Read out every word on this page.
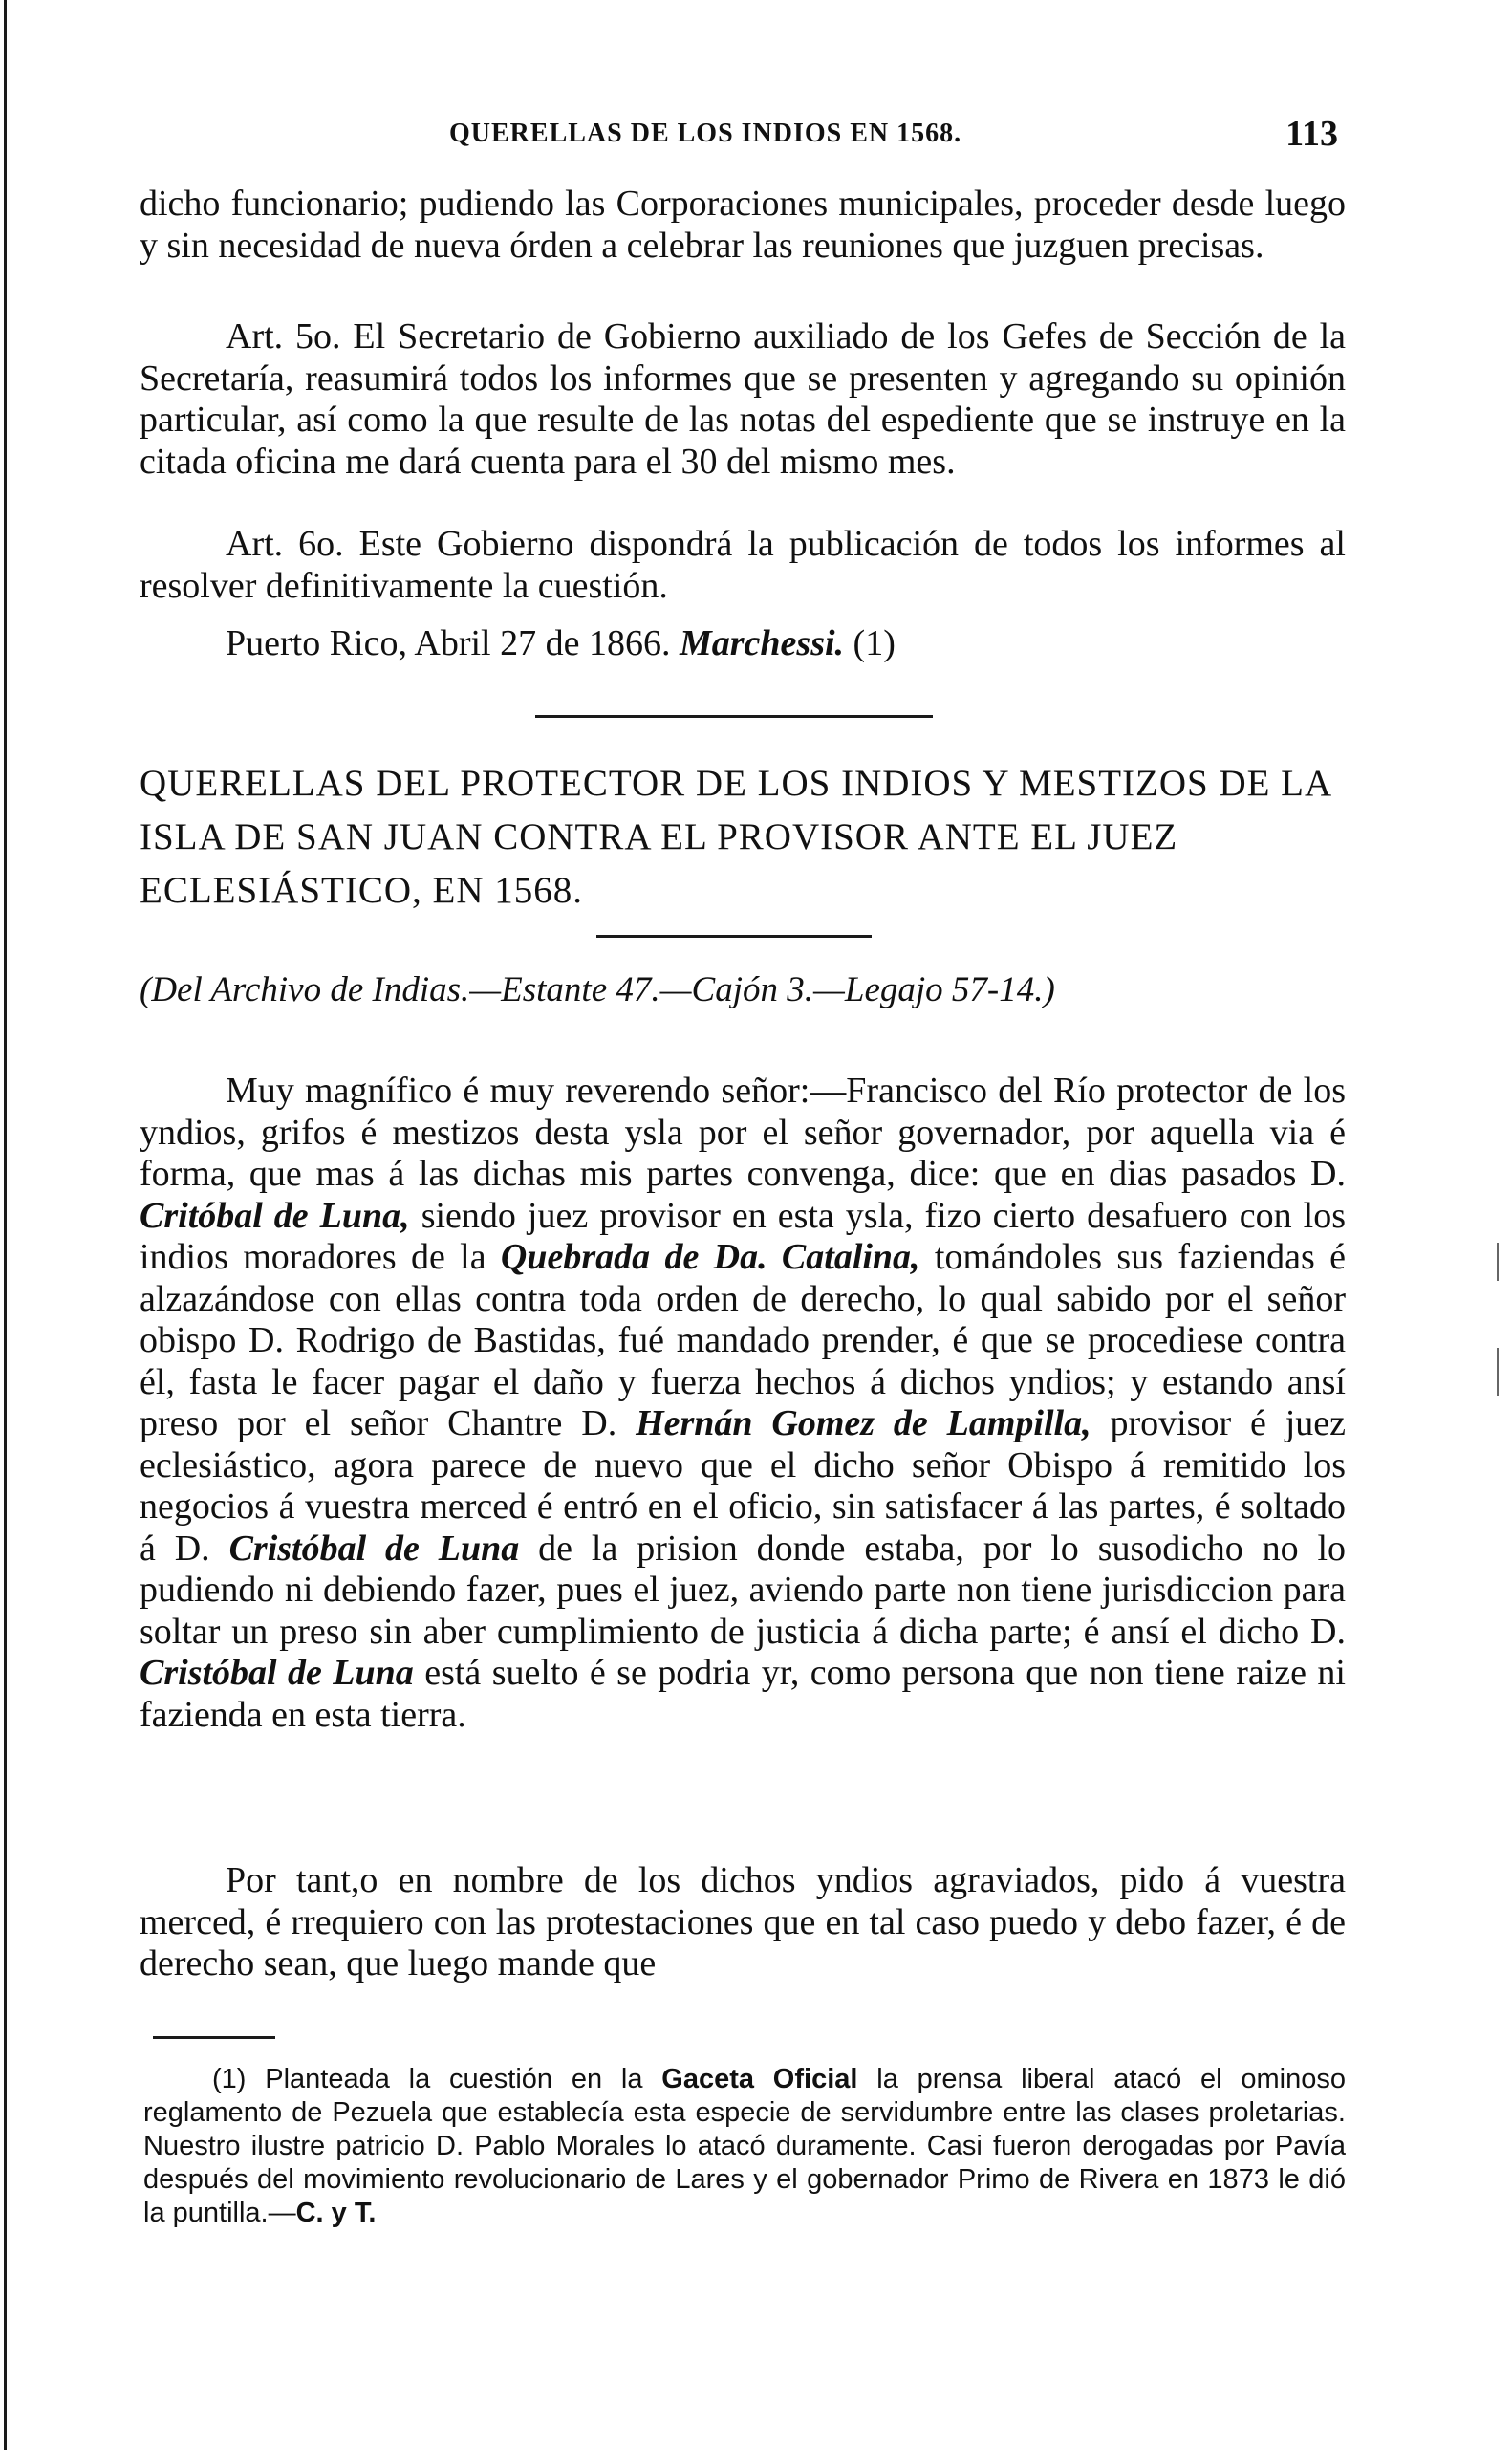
QUERELLAS DE LOS INDIOS EN 1568.	113

dicho funcionario; pudiendo las Corporaciones municipales, proceder desde luego y sin necesidad de nueva órden a celebrar las reuniones que juzguen precisas.

Art. 5o. El Secretario de Gobierno auxiliado de los Gefes de Sección de la Secretaría, reasumirá todos los informes que se presenten y agregando su opinión particular, así como la que resulte de las notas del espediente que se instruye en la citada oficina me dará cuenta para el 30 del mismo mes.

Art. 6o. Este Gobierno dispondrá la publicación de todos los informes al resolver definitivamente la cuestión.

Puerto Rico, Abril 27 de 1866. Marchessi. (1)

QUERELLAS DEL PROTECTOR DE LOS INDIOS Y MESTIZOS DE LA ISLA DE SAN JUAN CONTRA EL PROVISOR ANTE EL JUEZ ECLESIÁSTICO, EN 1568.

(Del Archivo de Indias.—Estante 47.—Cajón 3.—Legajo 57-14.)

Muy magnífico é muy reverendo señor:—Francisco del Río protector de los yndios, grifos é mestizos desta ysla por el señor governador, por aquella via é forma, que mas á las dichas mis partes convenga, dice: que en dias pasados D. Critóbal de Luna, siendo juez provisor en esta ysla, fizo cierto desafuero con los indios moradores de la Quebrada de Da. Catalina, tomándoles sus faziendas é alzazándose con ellas contra toda orden de derecho, lo qual sabido por el señor obispo D. Rodrigo de Bastidas, fué mandado prender, é que se procediese contra él, fasta le facer pagar el daño y fuerza hechos á dichos yndios; y estando ansí preso por el señor Chantre D. Hernán Gomez de Lampilla, provisor é juez eclesiástico, agora parece de nuevo que el dicho señor Obispo á remitido los negocios á vuestra merced é entró en el oficio, sin satisfacer á las partes, é soltado á D. Cristóbal de Luna de la prision donde estaba, por lo susodicho no lo pudiendo ni debiendo fazer, pues el juez, aviendo parte non tiene jurisdiccion para soltar un preso sin aber cumplimiento de justicia á dicha parte; é ansí el dicho D. Cristóbal de Luna está suelto é se podria yr, como persona que non tiene raize ni fazienda en esta tierra.

Por tant,o en nombre de los dichos yndios agraviados, pido á vuestra merced, é rrequiero con las protestaciones que en tal caso puedo y debo fazer, é de derecho sean, que luego mande que

(1) Planteada la cuestión en la Gaceta Oficial la prensa liberal atacó el ominoso reglamento de Pezuela que establecía esta especie de servidumbre entre las clases proletarias. Nuestro ilustre patricio D. Pablo Morales lo atacó duramente. Casi fueron derogadas por Pavía después del movimiento revolucionario de Lares y el gobernador Primo de Rivera en 1873 le dió la puntilla.—C. y T.
